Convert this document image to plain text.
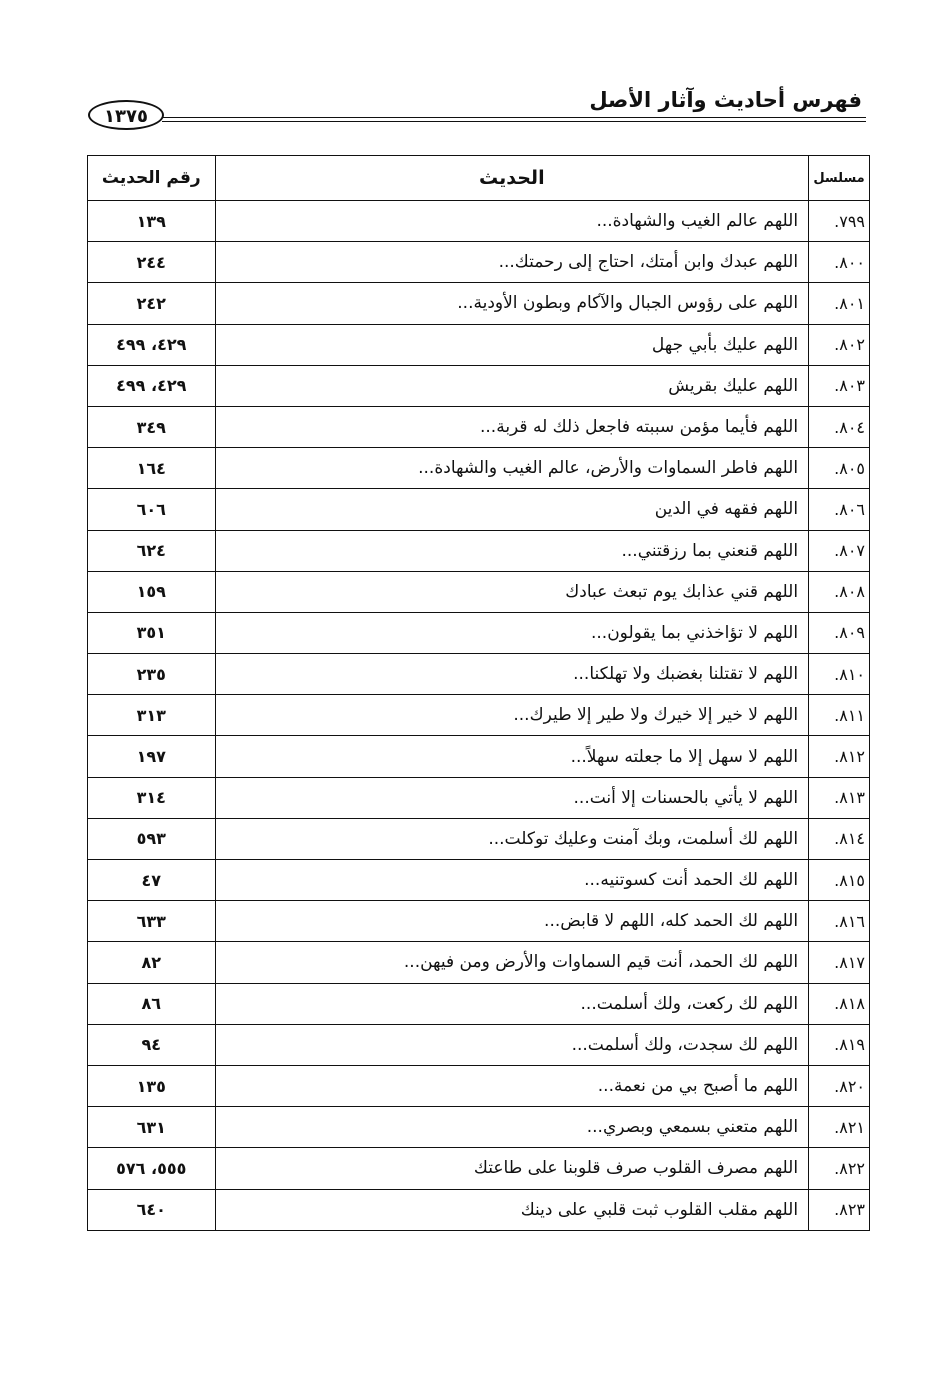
فهرس أحاديث وآثار الأصل
١٣٧٥
مسلسل	الحديث	رقم الحديث
٧٩٩.	اللهم عالم الغيب والشهادة...	١٣٩
٨٠٠.	اللهم عبدك وابن أمتك، احتاج إلى رحمتك...	٢٤٤
٨٠١.	اللهم على رؤوس الجبال والآكام وبطون الأودية...	٢٤٢
٨٠٢.	اللهم عليك بأبي جهل	٤٢٩، ٤٩٩
٨٠٣.	اللهم عليك بقريش	٤٢٩، ٤٩٩
٨٠٤.	اللهم فأيما مؤمن سببته فاجعل ذلك له قربة...	٣٤٩
٨٠٥.	اللهم فاطر السماوات والأرض، عالم الغيب والشهادة...	١٦٤
٨٠٦.	اللهم فقهه في الدين	٦٠٦
٨٠٧.	اللهم قنعني بما رزقتني...	٦٢٤
٨٠٨.	اللهم قني عذابك يوم تبعث عبادك	١٥٩
٨٠٩.	اللهم لا تؤاخذني بما يقولون...	٣٥١
٨١٠.	اللهم لا تقتلنا بغضبك ولا تهلكنا...	٢٣٥
٨١١.	اللهم لا خير إلا خيرك ولا طير إلا طيرك...	٣١٣
٨١٢.	اللهم لا سهل إلا ما جعلته سهلاً...	١٩٧
٨١٣.	اللهم لا يأتي بالحسنات إلا أنت...	٣١٤
٨١٤.	اللهم لك أسلمت، وبك آمنت وعليك توكلت...	٥٩٣
٨١٥.	اللهم لك الحمد أنت كسوتنيه...	٤٧
٨١٦.	اللهم لك الحمد كله، اللهم لا قابض...	٦٣٣
٨١٧.	اللهم لك الحمد، أنت قيم السماوات والأرض ومن فيهن...	٨٢
٨١٨.	اللهم لك ركعت، ولك أسلمت...	٨٦
٨١٩.	اللهم لك سجدت، ولك أسلمت...	٩٤
٨٢٠.	اللهم ما أصبح بي من نعمة...	١٣٥
٨٢١.	اللهم متعني بسمعي وبصري...	٦٣١
٨٢٢.	اللهم مصرف القلوب صرف قلوبنا على طاعتك	٥٥٥، ٥٧٦
٨٢٣.	اللهم مقلب القلوب ثبت قلبي على دينك	٦٤٠
